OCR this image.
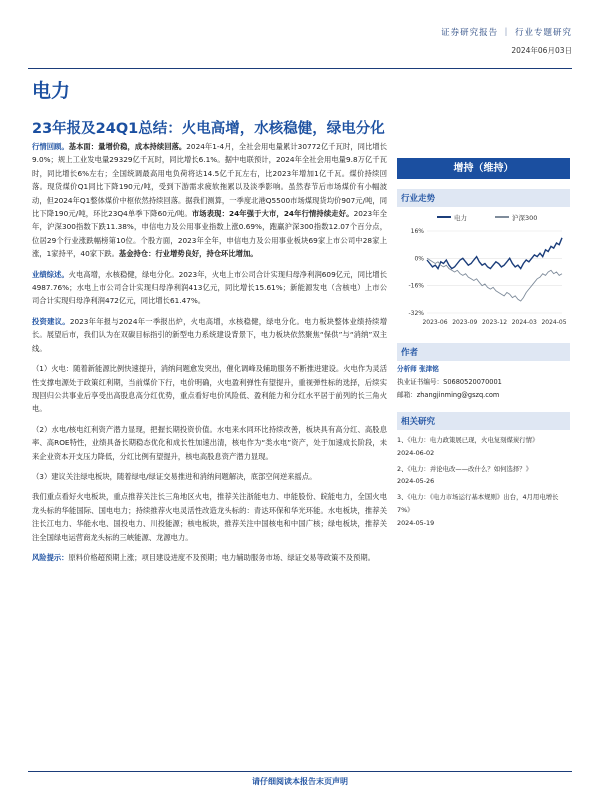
证券研究报告 ｜ 行业专题研究
2024年06月03日
电力
23年报及24Q1总结：火电高增，水核稳健，绿电分化

行情回顾。基本面：量增价稳，成本持续回落。2024年1-4月，全社会用电量累计30772亿千瓦时，同比增长9.0%；规上工业发电量29329亿千瓦时，同比增长6.1%。据中电联预计，2024年全社会用电量9.8万亿千瓦时，同比增长6%左右；全国统调最高用电负荷将达14.5亿千瓦左右，比2023年增加1亿千瓦。煤价持续回落。现货煤价Q1同比下降190元/吨，受到下游需求疲软拖累以及淡季影响。虽然春节后市场煤价有小幅波动，但2024年Q1整体煤价中枢依然持续回落。据我们测算，一季度北港Q5500市场煤现货均价907元/吨，同比下降190元/吨，环比23Q4单季下降60元/吨。市场表现：24年强于大市，24年行情持续走好。2023年全年，沪深300指数下跌11.38%，申信电力及公用事业指数上涨0.69%，跑赢沪深300指数12.07个百分点，位居29个行业涨跌幅榜第10位。个股方面，2023年全年，申信电力及公用事业板块69家上市公司中28家上涨，1家持平，40家下跌。基金持仓：行业增势良好，持仓环比增加。

业绩综述。火电高增，水核稳健，绿电分化。2023年，火电上市公司合计实现归母净利润609亿元，同比增长4987.76%；水电上市公司合计实现归母净利润413亿元，同比增长15.61%；新能源发电（含核电）上市公司合计实现归母净利润472亿元，同比增长61.47%。

投资建议。2023年年报与2024年一季报出炉，火电高增，水核稳健，绿电分化。电力板块整体业绩持续增长。展望后市，我们认为在双碳目标指引的新型电力系统建设背景下，电力板块依然聚焦“保供”与“消纳”双主线。

（1）火电：随着新能源比例快速提升，消纳问题愈发突出，催化调峰及辅助服务不断推进建设。火电作为灵活性支撑电源处于政策红利期，当前煤价下行，电价明确，火电盈利弹性有望提升，重视弹性标的选择，后续实现回归公共事业后享受出高股息高分红优势，重点看好电价风险低、盈利能力和分红水平居于前列的长三角火电。

（2）水电/核电红利资产潜力显现，把握长期投资价值。水电来水同环比持续改善，板块具有高分红、高股息率、高ROE特性，业绩具备长期稳态优化和成长性加速出清，核电作为“类水电”资产，处于加速成长阶段，未来企业资本开支压力降低，分红比例有望提升，核电高股息资产潜力显现。

（3）建议关注绿电板块，随着绿电/绿证交易推进和消纳问题解决，底部空间逆来摇点。

我们重点看好火电板块，重点推荐关注长三角地区火电，推荐关注浙能电力、申能股份、皖能电力，全国火电龙头标的华能国际、国电电力；持续推荐火电灵活性改造龙头标的：青达环保和华光环能。水电板块，推荐关注长江电力、华能水电、国投电力、川投能源；核电板块，推荐关注中国核电和中国广核；绿电板块，推荐关注全国绿电运营商龙头标的三峡能源、龙源电力。

风险提示：原料价格超预期上涨；项目建设进度不及预期；电力辅助服务市场、绿证交易等政策不及预期。

增持（维持）
行业走势
电力	沪深300
16%
0%
-16%
-32%
2023-06 2023-09 2023-12 2024-03 2024-05
作者
分析师 张津铭
执业证书编号：S0680520070001
邮箱：zhangjinming@gszq.com
相关研究
1、《电力：电力政策展已现，火电复刻煤炭行情》
2024-06-02
2、《电力：并论电改——改什么？如何选择？》
2024-05-26
3、《电力：《电力市场运行基本规则》出台，4月用电增长7%》
2024-05-19
请仔细阅读本报告末页声明
